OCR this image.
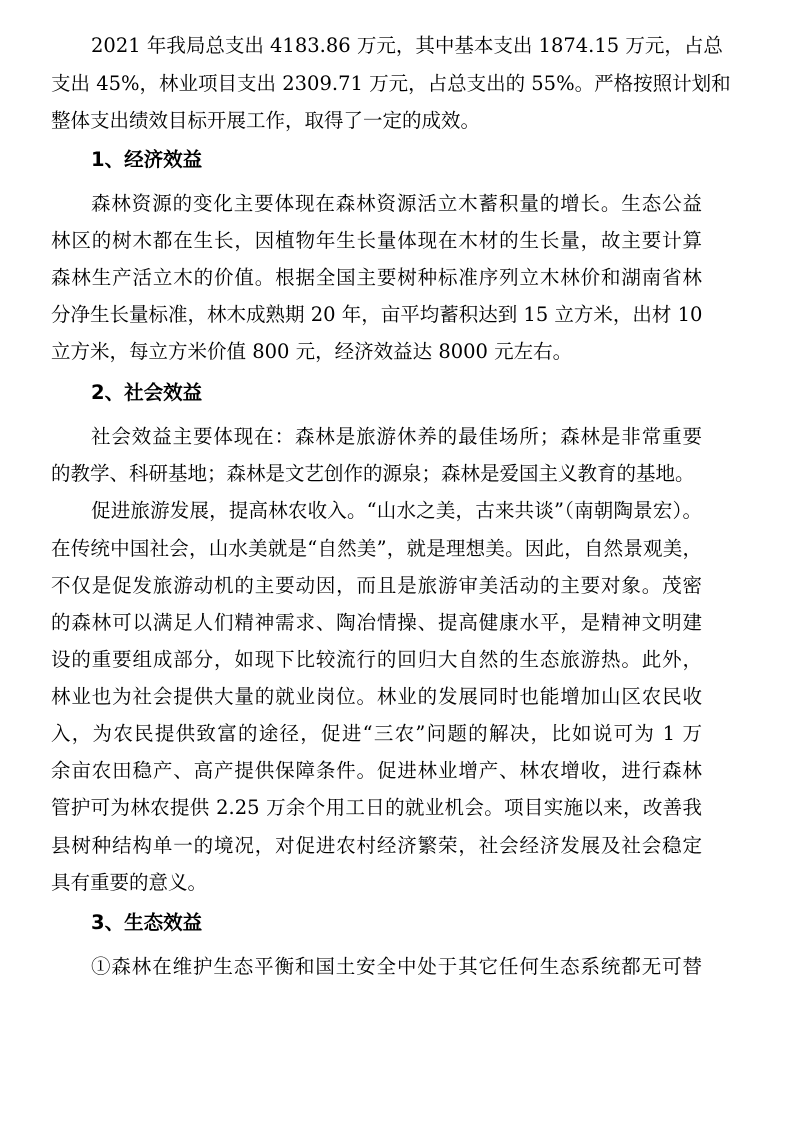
2021 年我局总支出 4183.86 万元，其中基本支出 1874.15 万元，占总
支出 45%，林业项目支出 2309.71 万元，占总支出的 55%。严格按照计划和
整体支出绩效目标开展工作，取得了一定的成效。
1、经济效益
森林资源的变化主要体现在森林资源活立木蓄积量的增长。生态公益
林区的树木都在生长，因植物年生长量体现在木材的生长量，故主要计算
森林生产活立木的价值。根据全国主要树种标准序列立木林价和湖南省林
分净生长量标准，林木成熟期 20 年，亩平均蓄积达到 15 立方米，出材 10
立方米，每立方米价值 800 元，经济效益达 8000 元左右。
2、社会效益
社会效益主要体现在：森林是旅游休养的最佳场所；森林是非常重要
的教学、科研基地；森林是文艺创作的源泉；森林是爱国主义教育的基地。
促进旅游发展，提高林农收入。“山水之美，古来共谈”（南朝陶景宏）。
在传统中国社会，山水美就是“自然美”，就是理想美。因此，自然景观美，
不仅是促发旅游动机的主要动因，而且是旅游审美活动的主要对象。茂密
的森林可以满足人们精神需求、陶冶情操、提高健康水平，是精神文明建
设的重要组成部分，如现下比较流行的回归大自然的生态旅游热。此外，
林业也为社会提供大量的就业岗位。林业的发展同时也能增加山区农民收
入，为农民提供致富的途径，促进“三农”问题的解决，比如说可为 1 万
余亩农田稳产、高产提供保障条件。促进林业增产、林农增收，进行森林
管护可为林农提供 2.25 万余个用工日的就业机会。项目实施以来，改善我
县树种结构单一的境况，对促进农村经济繁荣，社会经济发展及社会稳定
具有重要的意义。
3、生态效益
①森林在维护生态平衡和国土安全中处于其它任何生态系统都无可替
